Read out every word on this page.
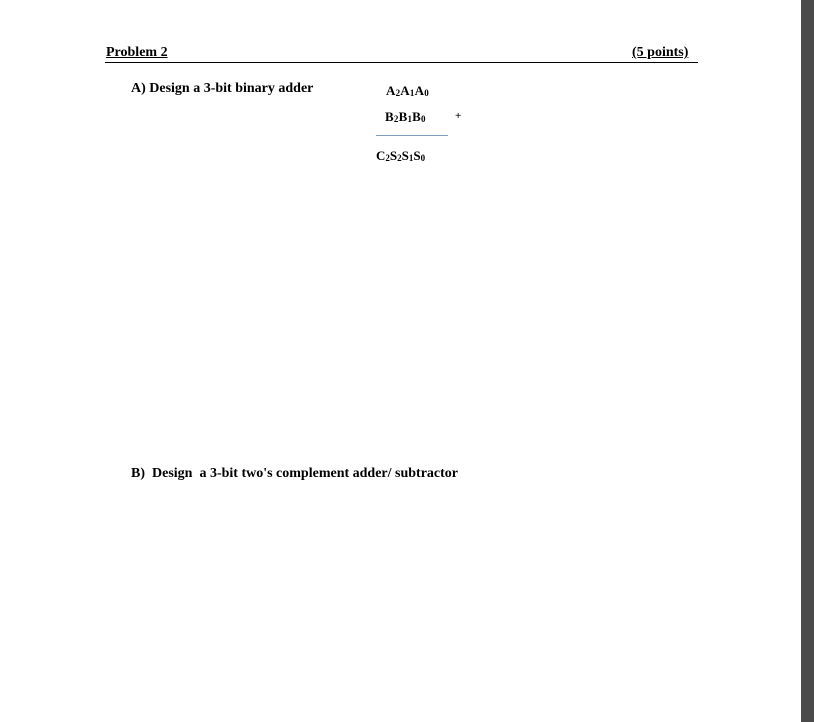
Problem 2	(5 points)
A) Design a 3-bit binary adder	$A_2A_1A_0$
$B_2B_1B_0$	+
$C_2S_2S_1S_0$
B)  Design  a 3-bit two's complement adder/ subtractor
